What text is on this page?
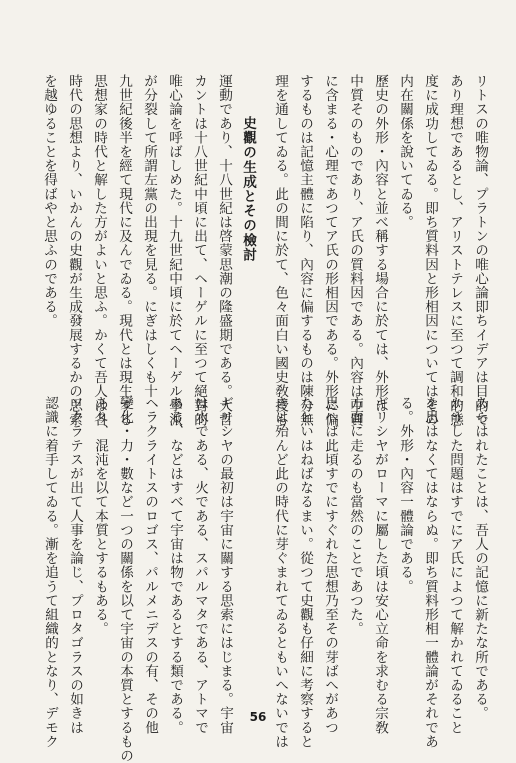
リトスの唯物論、プラトンの唯心論即ちイデアは目的で
あり理想であるとし、アリストテレスに至つて調和的態
度に成功してゐる。即ち質料因と形相因についてはその
内在關係を說いてゐる。
歷史の外形・內容と並べ稱する場合に於ては、外形は
中質そのものであり、ア氏の質料因である。內容は中質
に含まる・心理であつてア氏の形相因である。外形に偏
するものは記憶主體に陷り、內容に偏するものは陳分無
理を通してゐる。此の間に於て、色々面白い國史敎授も
あらはれたことは、吾人の記憶に新たな所である。
かうした問題はすでにア氏によつて解かれてゐること
を思はなくてはならぬ。即ち質料形相一體論がそれであ
る。外形・內容一體論である。
ギリシヤがローマに屬した頃は安心立命を求むる宗敎
方面に走るのも當然のことであつた。
思へば此頃すでにすぐれた思想乃至その芽ばへがあつ
たといはねばなるまい。從つて史觀も仔細に考察すると
きは殆んど此の時代に芽ぐまれてゐるともいへないでは
運動であり、十八世紀は啓蒙思潮の隆盛期である。大哲
カントは十八世紀中頃に出て、ヘーゲルに至つて絕對的
唯心論を呼ばしめた。十九世紀中頃に於てヘーゲル學派
が分裂して所謂左黨の出現を見る。にぎはしくも十
九世紀後半を經て現代に及んでゐる。現代とは現生する
思想家の時代と解した方がよいと思ふ。かくて吾人は各
時代の思想より、いかんの史觀が生成發展するかの思索
を越ゆることを得ばやと思ふのである。	史觀の生成とその檢討
ギリシヤの最初は宇宙に關する思索にはじまる。宇宙
は水である、火である、スパルマタである、アトマで
ある、などはすべて宇宙は物であるとする類である。
ヘラクライトスのロゴス、パルメニデスの有、その他
變化・力・數など一つの關係を以て宇宙の本質とするもの
あり、混沌を以て本質とするもある。
ソクラテスが出て人事を論じ、プロタゴラスの如きは
認識に着手してゐる。漸を追うて組織的となり、デモク	56
